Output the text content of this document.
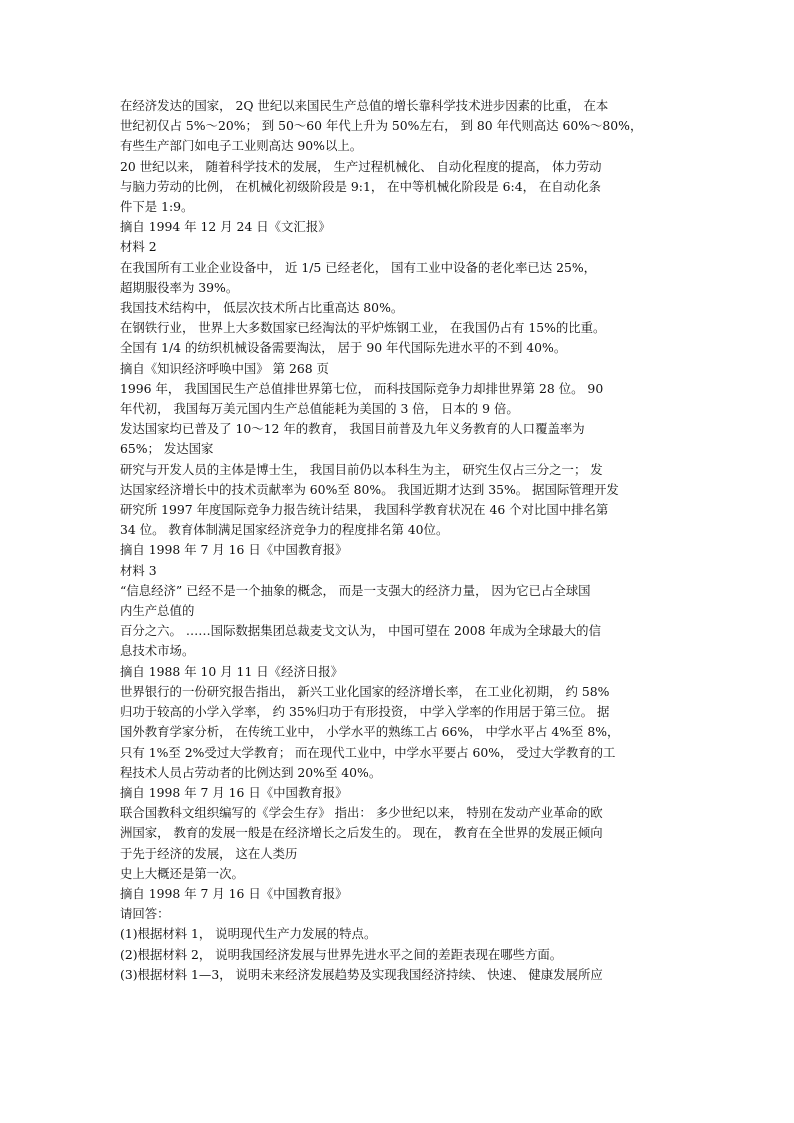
在经济发达的国家， 2Q 世纪以来国民生产总值的增长靠科学技术进步因素的比重， 在本
世纪初仅占 5%～20%； 到 50～60 年代上升为 50%左右， 到 80 年代则高达 60%～80%，
有些生产部门如电子工业则高达 90%以上。
20 世纪以来， 随着科学技术的发展， 生产过程机械化、 自动化程度的提高， 体力劳动
与脑力劳动的比例， 在机械化初级阶段是 9:1， 在中等机械化阶段是 6:4， 在自动化条
件下是 1:9。
摘自 1994 年 12 月 24 日《文汇报》
材料 2
在我国所有工业企业设备中， 近 1/5 已经老化， 国有工业中设备的老化率已达 25%，
超期服役率为 39%。
我国技术结构中， 低层次技术所占比重高达 80%。
在钢铁行业， 世界上大多数国家已经淘汰的平炉炼钢工业， 在我国仍占有 15%的比重。
全国有 1/4 的纺织机械设备需要淘汰， 居于 90 年代国际先进水平的不到 40%。
摘自《知识经济呼唤中国》 第 268 页
1996 年， 我国国民生产总值排世界第七位， 而科技国际竞争力却排世界第 28 位。 90
年代初， 我国每万美元国内生产总值能耗为美国的 3 倍， 日本的 9 倍。
发达国家均已普及了 10～12 年的教育， 我国目前普及九年义务教育的人口覆盖率为
65%； 发达国家
研究与开发人员的主体是博士生， 我国目前仍以本科生为主， 研究生仅占三分之一； 发
达国家经济增长中的技术贡献率为 60%至 80%。 我国近期才达到 35%。 据国际管理开发
研究所 1997 年度国际竞争力报告统计结果， 我国科学教育状况在 46 个对比国中排名第
34 位。 教育体制满足国家经济竞争力的程度排名第 40位。
摘自 1998 年 7 月 16 日《中国教育报》
材料 3
“信息经济” 已经不是一个抽象的概念， 而是一支强大的经济力量， 因为它已占全球国
内生产总值的
百分之六。 ……国际数据集团总裁麦戈文认为， 中国可望在 2008 年成为全球最大的信
息技术市场。
摘自 1988 年 10 月 11 日《经济日报》
世界银行的一份研究报告指出， 新兴工业化国家的经济增长率， 在工业化初期， 约 58%
归功于较高的小学入学率， 约 35%归功于有形投资， 中学入学率的作用居于第三位。 据
国外教育学家分析， 在传统工业中， 小学水平的熟练工占 66%， 中学水平占 4%至 8%，
只有 1%至 2%受过大学教育； 而在现代工业中，中学水平要占 60%， 受过大学教育的工
程技术人员占劳动者的比例达到 20%至 40%。
摘自 1998 年 7 月 16 日《中国教育报》
联合国教科文组织编写的《学会生存》 指出： 多少世纪以来， 特别在发动产业革命的欧
洲国家， 教育的发展一般是在经济增长之后发生的。 现在， 教育在全世界的发展正倾向
于先于经济的发展， 这在人类历
史上大概还是第一次。
摘自 1998 年 7 月 16 日《中国教育报》
请回答：
(1)根据材料 1， 说明现代生产力发展的特点。
(2)根据材料 2， 说明我国经济发展与世界先进水平之间的差距表现在哪些方面。
(3)根据材料 1—3， 说明未来经济发展趋势及实现我国经济持续、 快速、 健康发展所应
